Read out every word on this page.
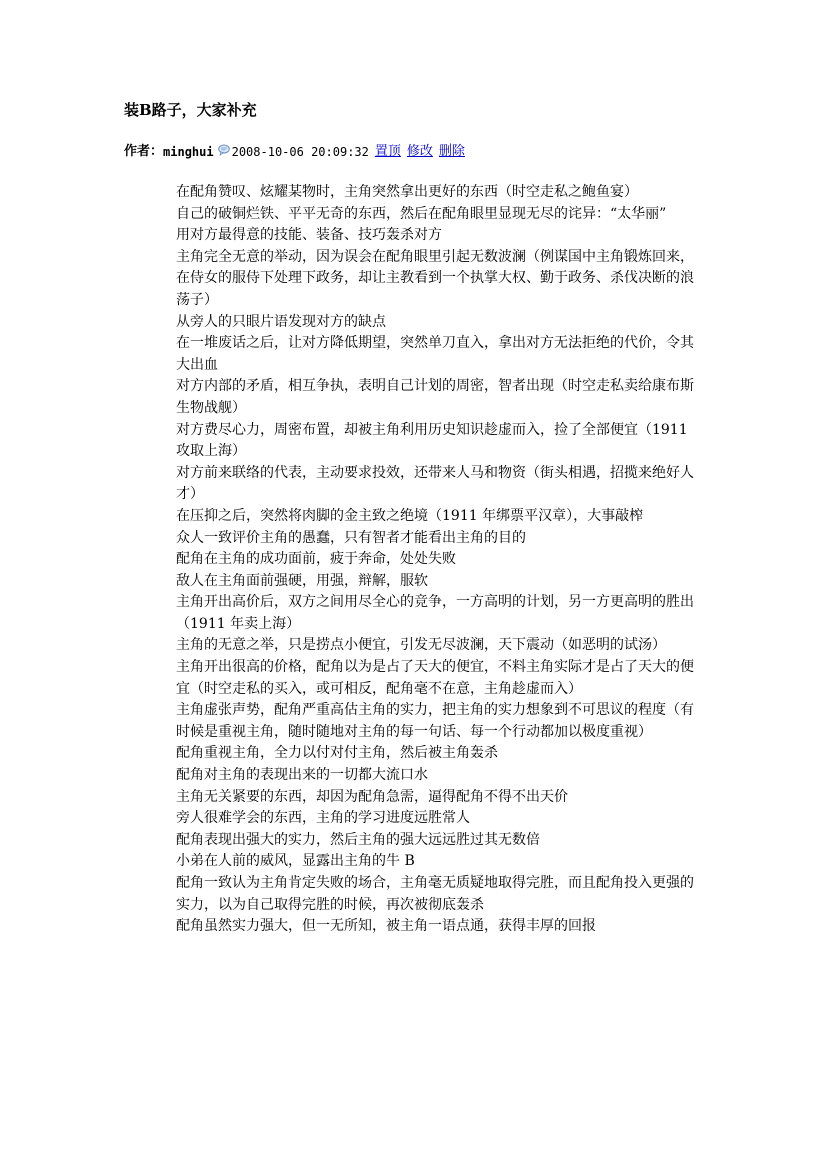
装B路子，大家补充
作者： minghui 2008-10-06 20:09:32 置顶 修改 删除

在配角赞叹、炫耀某物时，主角突然拿出更好的东西（时空走私之鲍鱼宴）

自己的破铜烂铁、平平无奇的东西，然后在配角眼里显现无尽的诧异：“太华丽”

用对方最得意的技能、装备、技巧轰杀对方

主角完全无意的举动，因为误会在配角眼里引起无数波澜（例谋国中主角锻炼回来，在侍女的服侍下处理下政务，却让主教看到一个执掌大权、勤于政务、杀伐决断的浪荡子）

从旁人的只眼片语发现对方的缺点

在一堆废话之后，让对方降低期望，突然单刀直入，拿出对方无法拒绝的代价，令其大出血

对方内部的矛盾，相互争执，表明自己计划的周密，智者出现（时空走私卖给康布斯生物战舰）

对方费尽心力，周密布置，却被主角利用历史知识趁虚而入，捡了全部便宜（1911 攻取上海）

对方前来联络的代表，主动要求投效，还带来人马和物资（街头相遇，招揽来绝好人才）

在压抑之后，突然将肉脚的金主致之绝境（1911 年绑票平汉章），大事敲榨

众人一致评价主角的愚蠢，只有智者才能看出主角的目的

配角在主角的成功面前，疲于奔命，处处失败

敌人在主角面前强硬，用强，辩解，服软

主角开出高价后，双方之间用尽全心的竞争，一方高明的计划，另一方更高明的胜出（1911 年卖上海）

主角的无意之举，只是捞点小便宜，引发无尽波澜，天下震动（如恶明的试汤）

主角开出很高的价格，配角以为是占了天大的便宜，不料主角实际才是占了天大的便宜（时空走私的买入，或可相反，配角毫不在意，主角趁虚而入）

主角虚张声势，配角严重高估主角的实力，把主角的实力想象到不可思议的程度（有时候是重视主角，随时随地对主角的每一句话、每一个行动都加以极度重视）

配角重视主角，全力以付对付主角，然后被主角轰杀

配角对主角的表现出来的一切都大流口水

主角无关紧要的东西，却因为配角急需，逼得配角不得不出天价

旁人很难学会的东西，主角的学习进度远胜常人

配角表现出强大的实力，然后主角的强大远远胜过其无数倍

小弟在人前的威风，显露出主角的牛 B

配角一致认为主角肯定失败的场合，主角毫无质疑地取得完胜，而且配角投入更强的实力，以为自己取得完胜的时候，再次被彻底轰杀

配角虽然实力强大，但一无所知，被主角一语点通，获得丰厚的回报
